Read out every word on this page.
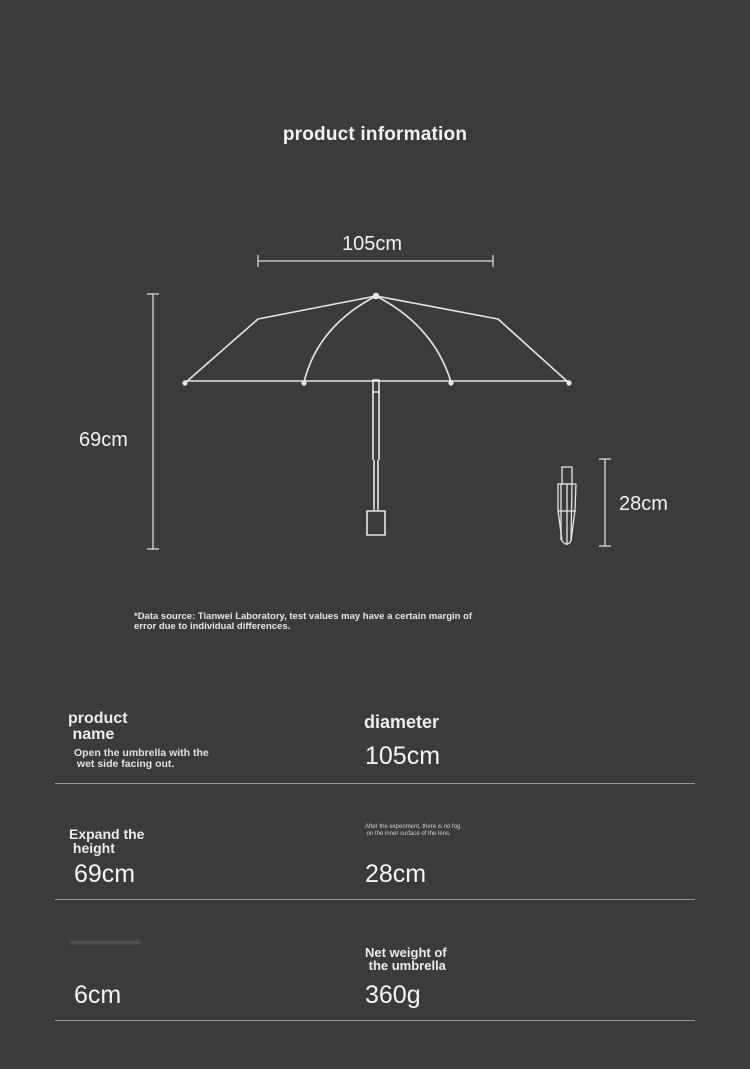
product information
105cm
69cm
28cm
*Data source: Tianwei Laboratory, test values may have a certain margin of error due to individual differences.
product
name
Open the umbrella with the
wet side facing out.
diameter
105cm
Expand the
height
69cm
After the experiment, there is no fog
on the inner surface of the lens.
28cm
6cm
Net weight of
the umbrella
360g
